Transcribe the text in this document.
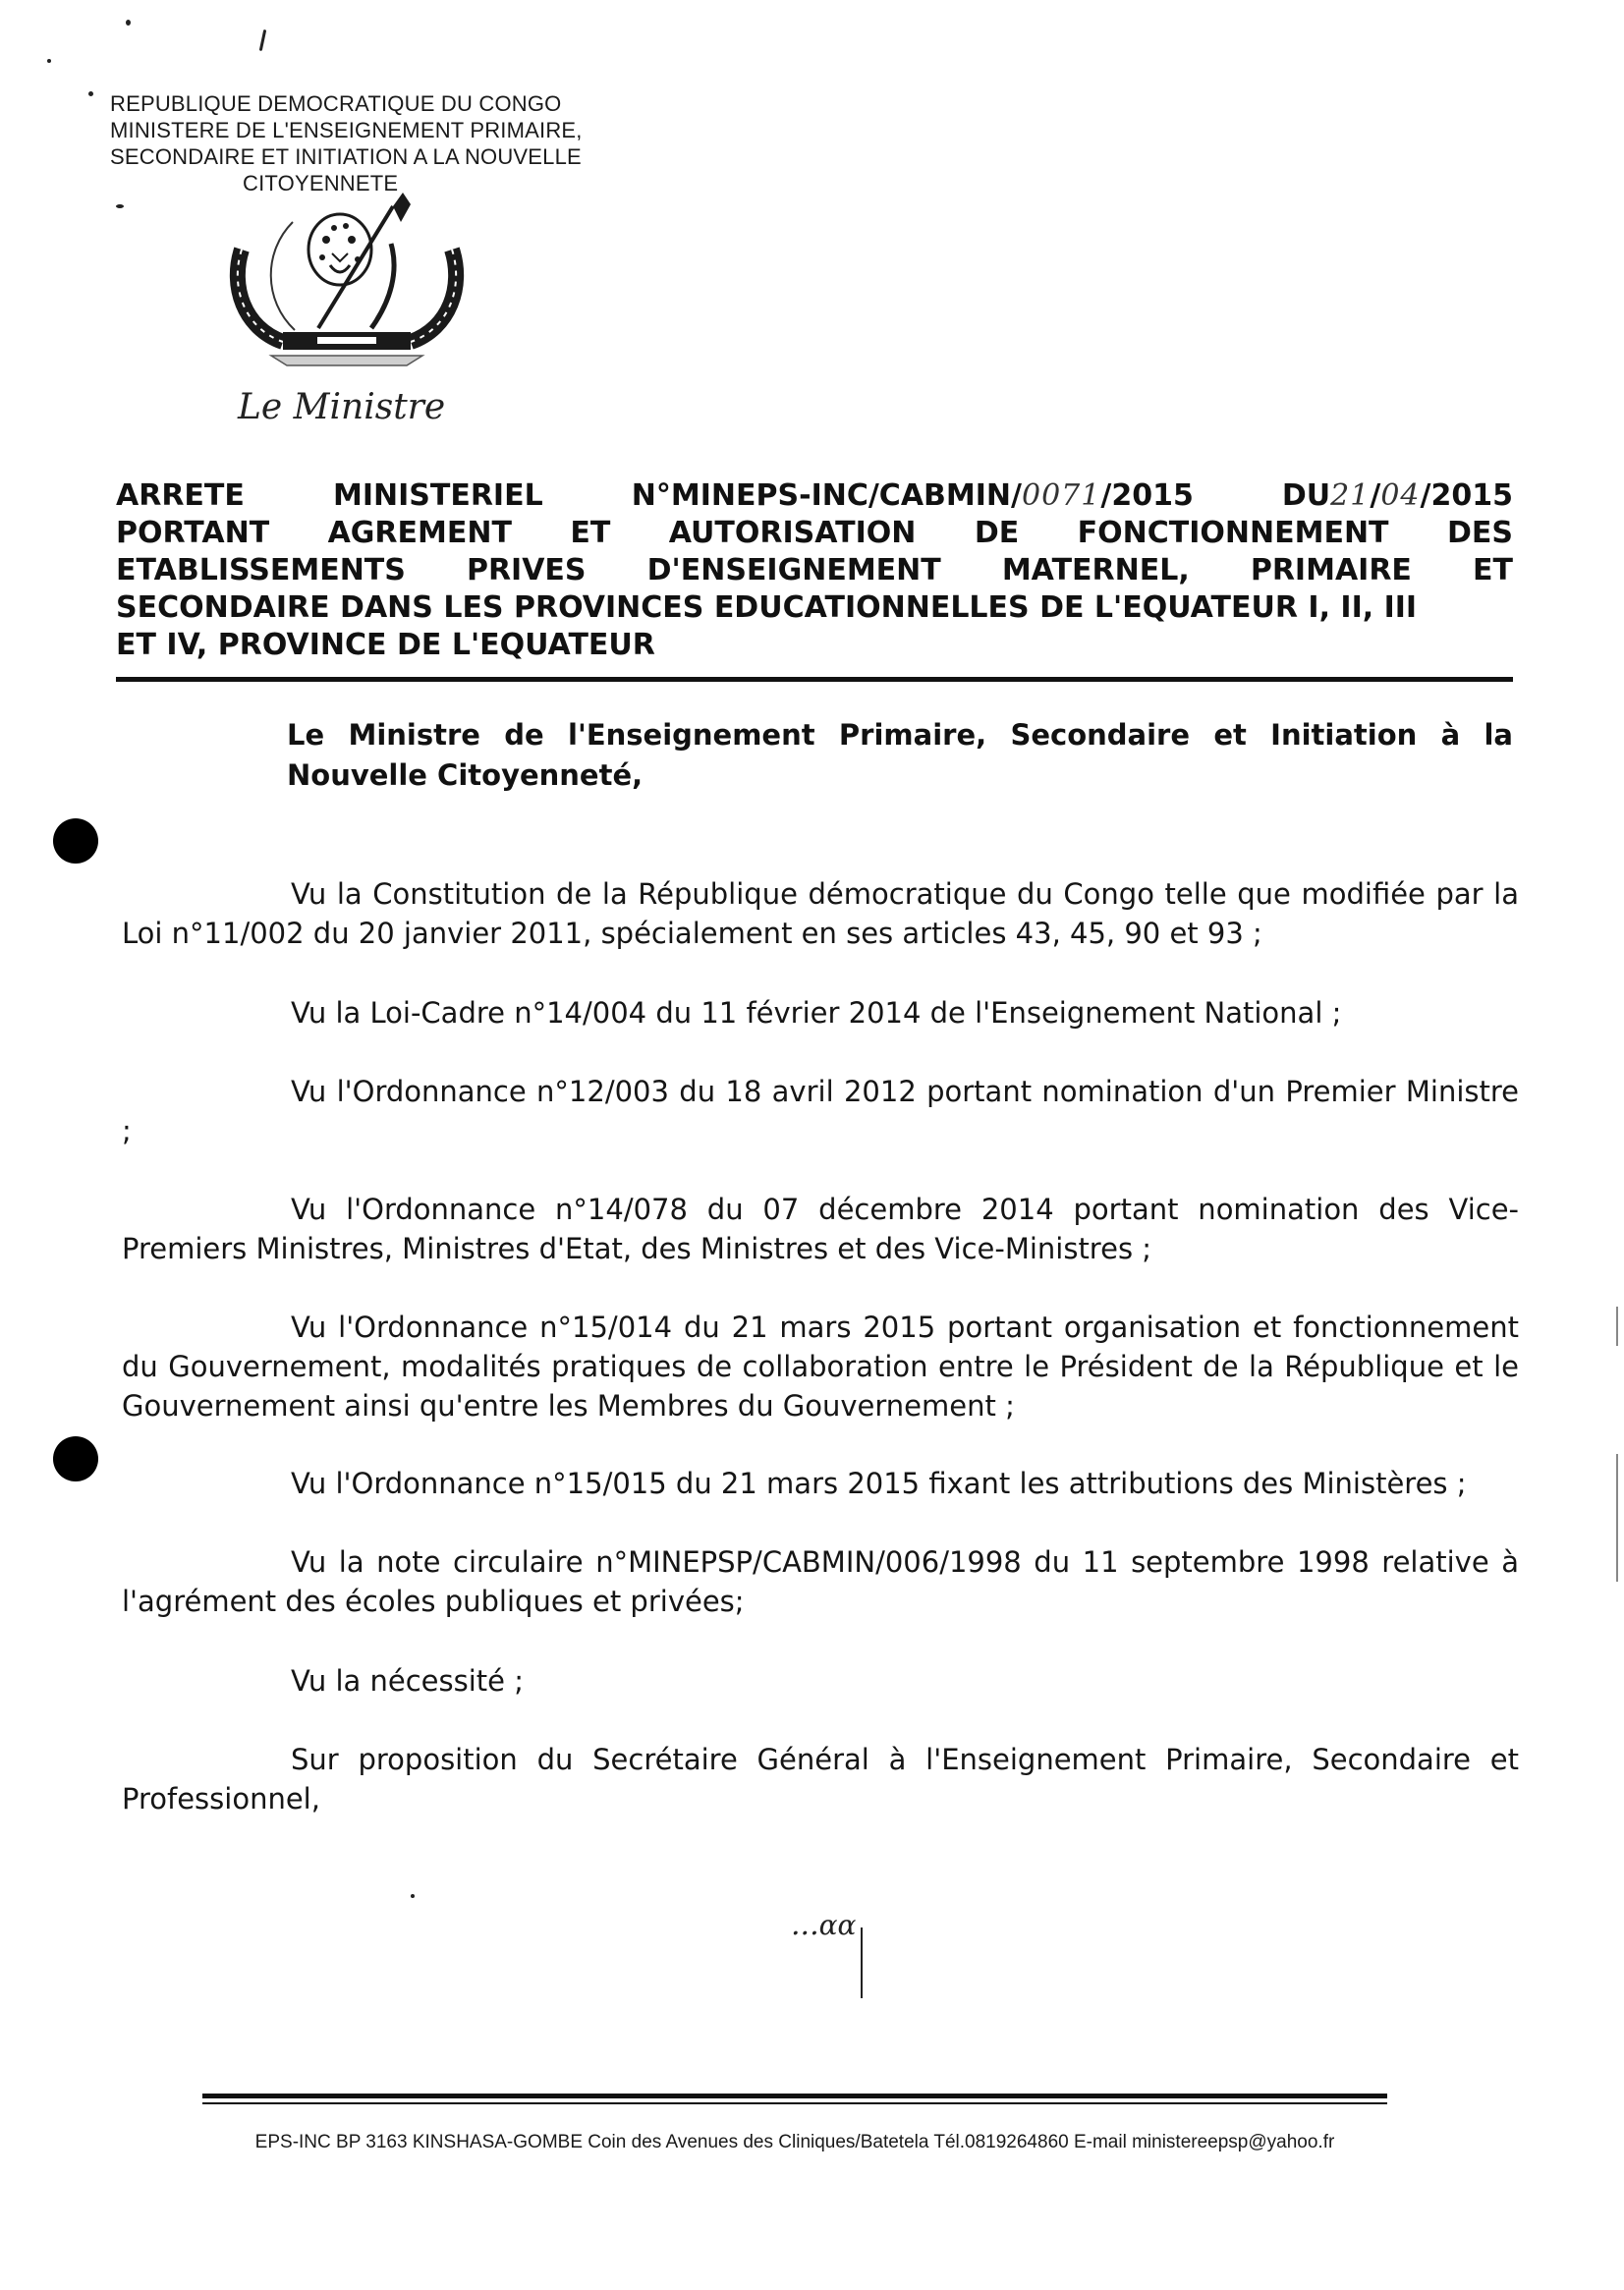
REPUBLIQUE DEMOCRATIQUE DU CONGO
MINISTERE DE L'ENSEIGNEMENT PRIMAIRE,
SECONDAIRE ET INITIATION A LA NOUVELLE
CITOYENNETE
Le Ministre
ARRETE	MINISTERIEL	N°MINEPS-INC/CABMIN/0071/2015	DU21/04/2015
PORTANT AGREMENT ET AUTORISATION DE FONCTIONNEMENT DES
ETABLISSEMENTS PRIVES D'ENSEIGNEMENT MATERNEL, PRIMAIRE ET
SECONDAIRE DANS LES PROVINCES EDUCATIONNELLES DE L'EQUATEUR I, II, III
ET IV, PROVINCE DE L'EQUATEUR
Le Ministre de l'Enseignement Primaire, Secondaire et Initiation à la Nouvelle Citoyenneté,
Vu la Constitution de la République démocratique du Congo telle que modifiée par la Loi n°11/002 du 20 janvier 2011, spécialement en ses articles 43, 45, 90 et 93 ;
Vu la Loi-Cadre n°14/004 du 11 février 2014 de l'Enseignement National ;
Vu l'Ordonnance n°12/003 du 18 avril 2012 portant nomination d'un Premier Ministre ;
Vu l'Ordonnance n°14/078 du 07 décembre 2014 portant nomination des Vice-Premiers Ministres, Ministres d'Etat, des Ministres et des Vice-Ministres ;
Vu l'Ordonnance n°15/014 du 21 mars 2015 portant organisation et fonctionnement du Gouvernement, modalités pratiques de collaboration entre le Président de la République et le Gouvernement ainsi qu'entre les Membres du Gouvernement ;
Vu l'Ordonnance n°15/015 du 21 mars 2015 fixant les attributions des Ministères ;
Vu la note circulaire n°MINEPSP/CABMIN/006/1998 du 11 septembre 1998 relative à l'agrément des écoles publiques et privées;
Vu la nécessité ;
Sur proposition du Secrétaire Général à l'Enseignement Primaire, Secondaire et Professionnel,
...ɑɑ
EPS-INC BP 3163 KINSHASA-GOMBE Coin des Avenues des Cliniques/Batetela Tél.0819264860 E-mail ministereepsp@yahoo.fr
